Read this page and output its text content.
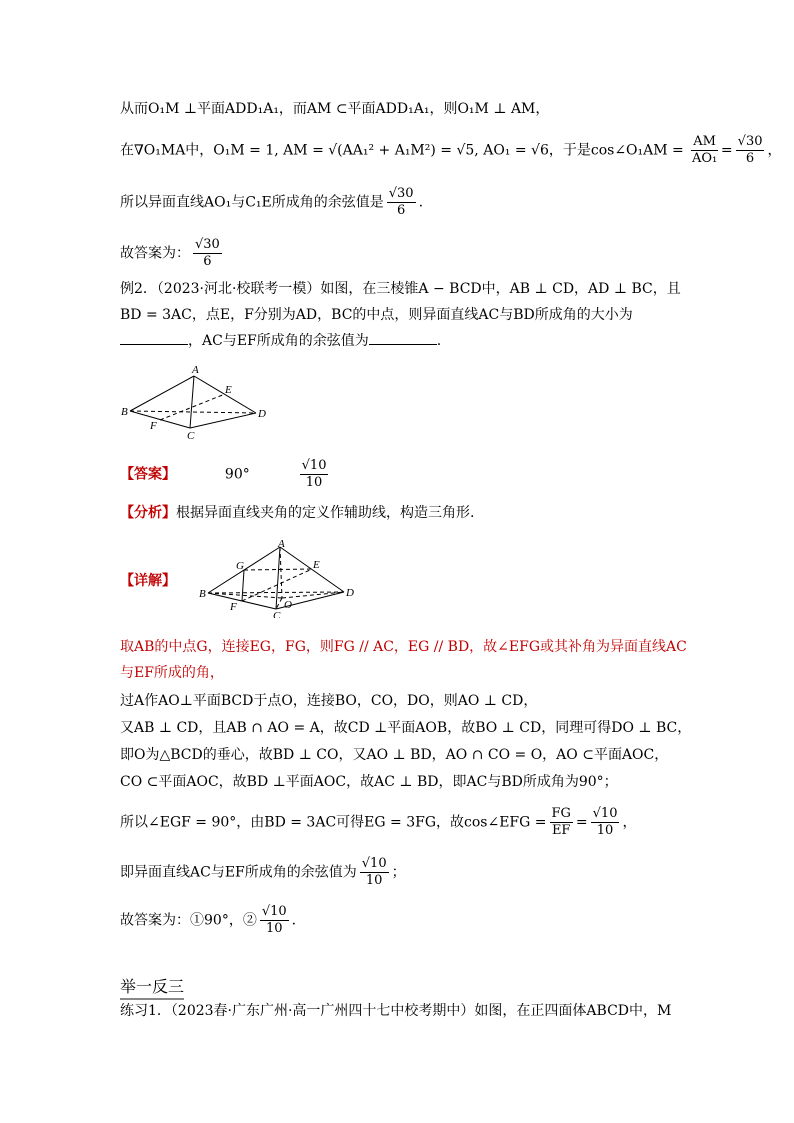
从而O₁M ⊥平面ADD₁A₁，而AM ⊂平面ADD₁A₁，则O₁M ⊥ AM，
在∇O₁MA中，O₁M = 1, AM = √(AA₁² + A₁M²) = √5, AO₁ = √6，于是cos∠O₁AM = $\frac{AM}{\text{AO₁}} = \frac{√30}{6}$ ，
所以异面直线AO₁与C₁E所成角的余弦值是 $\frac{√30}{6}$ .
故答案为： $\frac{√30}{6}$
例2．（2023·河北·校联考一模）如图，在三棱锥A − BCD中，AB ⊥ CD，AD ⊥ BC，且
BD = 3AC，点E，F分别为AD，BC的中点，则异面直线AC与BD所成角的大小为
，AC与EF所成角的余弦值为	.
A
B
C
D
E
F
【答案】	90°	$\frac{√10}{10}$
【分析】根据异面直线夹角的定义作辅助线，构造三角形.
【详解】
A
B
C
D
E
F
G
O
取AB的中点G，连接EG，FG，则FG // AC，EG // BD，故∠EFG或其补角为异面直线AC
与EF所成的角，
过A作AO⊥平面BCD于点O，连接BO，CO，DO，则AO ⊥ CD，
又AB ⊥ CD，且AB ∩ AO = A，故CD ⊥平面AOB，故BO ⊥ CD，同理可得DO ⊥ BC，
即O为△BCD的垂心，故BD ⊥ CO，又AO ⊥ BD，AO ∩ CO = O，AO ⊂平面AOC，
CO ⊂平面AOC，故BD ⊥平面AOC，故AC ⊥ BD，即AC与BD所成角为90°；
所以∠EGF = 90°，由BD = 3AC可得EG = 3FG，故cos∠EFG = $\frac{FG}{EF} = \frac{√10}{10}$ ，
即异面直线AC与EF所成角的余弦值为 $\frac{√10}{10}$ ；
故答案为：①90°，② $\frac{√10}{10}$ .
举一反三
练习1．（2023春·广东广州·高一广州四十七中校考期中）如图，在正四面体ABCD中，M
